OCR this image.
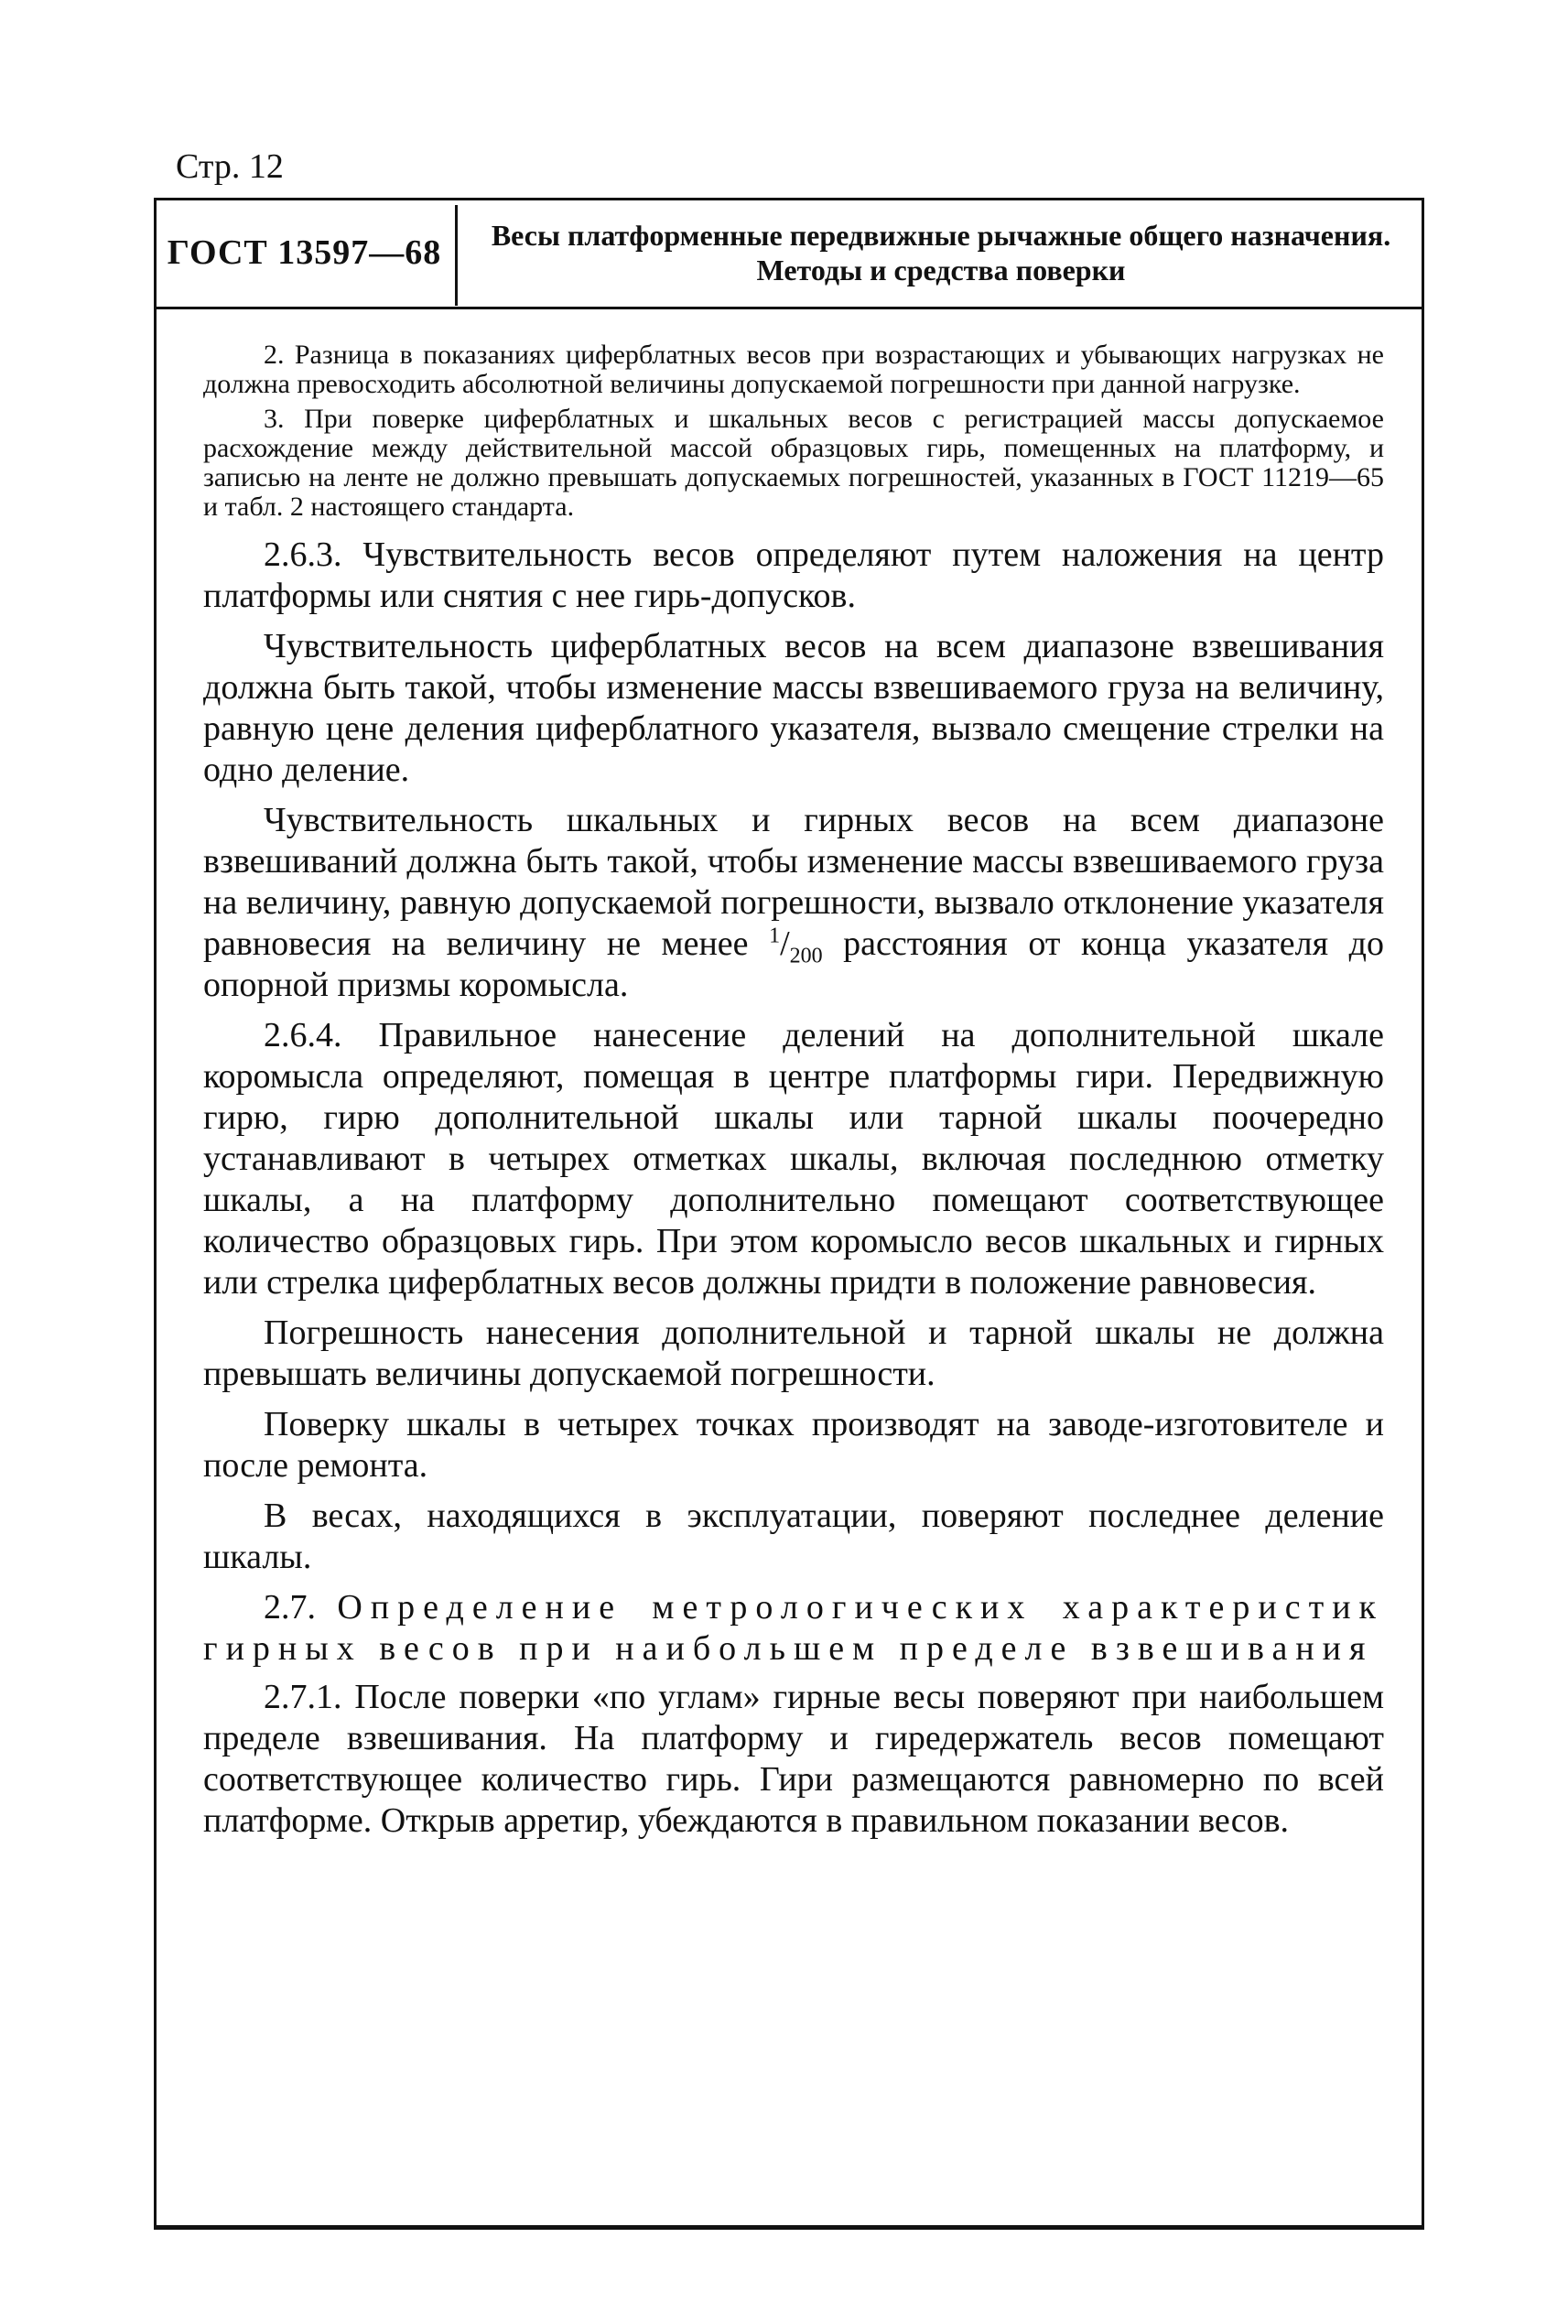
Стр. 12
ГОСТ 13597—68	Весы платформенные передвижные рычажные общего назначения. Методы и средства поверки

2. Разница в показаниях циферблатных весов при возрастающих и убывающих нагрузках не должна превосходить абсолютной величины допускаемой погрешности при данной нагрузке.

3. При поверке циферблатных и шкальных весов с регистрацией массы допускаемое расхождение между действительной массой образцовых гирь, помещенных на платформу, и записью на ленте не должно превышать допускаемых погрешностей, указанных в ГОСТ 11219—65 и табл. 2 настоящего стандарта.

2.6.3. Чувствительность весов определяют путем наложения на центр платформы или снятия с нее гирь-допусков.

Чувствительность циферблатных весов на всем диапазоне взвешивания должна быть такой, чтобы изменение массы взвешиваемого груза на величину, равную цене деления циферблатного указателя, вызвало смещение стрелки на одно деление.

Чувствительность шкальных и гирных весов на всем диапазоне взвешиваний должна быть такой, чтобы изменение массы взвешиваемого груза на величину, равную допускаемой погрешности, вызвало отклонение указателя равновесия на величину не менее $^1/_{200}$ расстояния от конца указателя до опорной призмы коромысла.

2.6.4. Правильное нанесение делений на дополнительной шкале коромысла определяют, помещая в центре платформы гири. Передвижную гирю, гирю дополнительной шкалы или тарной шкалы поочередно устанавливают в четырех отметках шкалы, включая последнюю отметку шкалы, а на платформу дополнительно помещают соответствующее количество образцовых гирь. При этом коромысло весов шкальных и гирных или стрелка циферблатных весов должны придти в положение равновесия.

Погрешность нанесения дополнительной и тарной шкалы не должна превышать величины допускаемой погрешности.

Поверку шкалы в четырех точках производят на заводе-изготовителе и после ремонта.

В весах, находящихся в эксплуатации, поверяют последнее деление шкалы.

2.7. Определение метрологических характеристик гирных весов при наибольшем пределе взвешивания

2.7.1. После поверки «по углам» гирные весы поверяют при наибольшем пределе взвешивания. На платформу и гиредержатель весов помещают соответствующее количество гирь. Гири размещаются равномерно по всей платформе. Открыв арретир, убеждаются в правильном показании весов.
